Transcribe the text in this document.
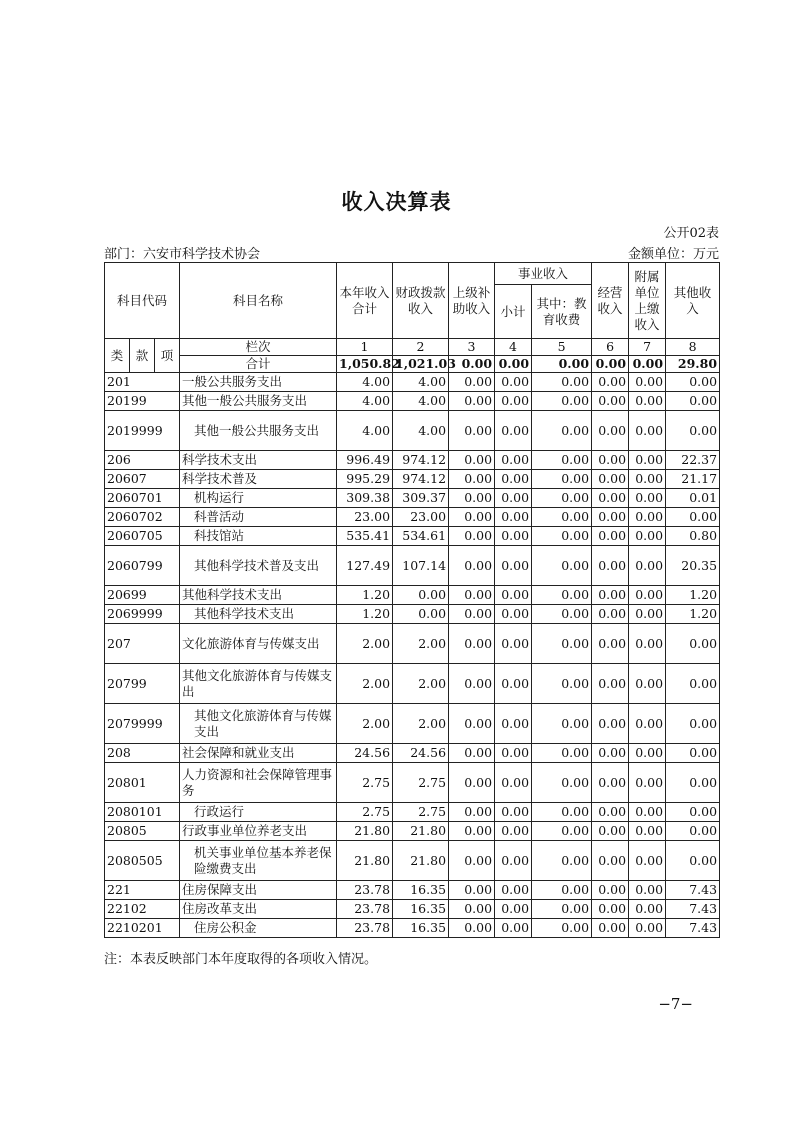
收入决算表
公开02表
部门：六安市科学技术协会	金额单位：万元
科目代码			科目名称	本年收入合计	财政拨款收入	上级补助收入	事业收入		经营收入	附属单位上缴收入	其他收入
							小计	其中：教育收费			

类	款	项	栏次	1	2	3	4	5	6	7	8
			合计	1,050.82	1,021.03	0.00	0.00	0.00	0.00	0.00	29.80
201			一般公共服务支出	4.00	4.00	0.00	0.00	0.00	0.00	0.00	0.00
20199			其他一般公共服务支出	4.00	4.00	0.00	0.00	0.00	0.00	0.00	0.00
2019999			其他一般公共服务支出	4.00	4.00	0.00	0.00	0.00	0.00	0.00	0.00
206			科学技术支出	996.49	974.12	0.00	0.00	0.00	0.00	0.00	22.37
20607			科学技术普及	995.29	974.12	0.00	0.00	0.00	0.00	0.00	21.17
2060701			机构运行	309.38	309.37	0.00	0.00	0.00	0.00	0.00	0.01
2060702			科普活动	23.00	23.00	0.00	0.00	0.00	0.00	0.00	0.00
2060705			科技馆站	535.41	534.61	0.00	0.00	0.00	0.00	0.00	0.80
2060799			其他科学技术普及支出	127.49	107.14	0.00	0.00	0.00	0.00	0.00	20.35
20699			其他科学技术支出	1.20	0.00	0.00	0.00	0.00	0.00	0.00	1.20
2069999			其他科学技术支出	1.20	0.00	0.00	0.00	0.00	0.00	0.00	1.20
207			文化旅游体育与传媒支出	2.00	2.00	0.00	0.00	0.00	0.00	0.00	0.00
20799			其他文化旅游体育与传媒支出	2.00	2.00	0.00	0.00	0.00	0.00	0.00	0.00
2079999			其他文化旅游体育与传媒支出	2.00	2.00	0.00	0.00	0.00	0.00	0.00	0.00
208			社会保障和就业支出	24.56	24.56	0.00	0.00	0.00	0.00	0.00	0.00
20801			人力资源和社会保障管理事务	2.75	2.75	0.00	0.00	0.00	0.00	0.00	0.00
2080101			行政运行	2.75	2.75	0.00	0.00	0.00	0.00	0.00	0.00
20805			行政事业单位养老支出	21.80	21.80	0.00	0.00	0.00	0.00	0.00	0.00
2080505			机关事业单位基本养老保险缴费支出	21.80	21.80	0.00	0.00	0.00	0.00	0.00	0.00
221			住房保障支出	23.78	16.35	0.00	0.00	0.00	0.00	0.00	7.43
22102			住房改革支出	23.78	16.35	0.00	0.00	0.00	0.00	0.00	7.43
2210201			住房公积金	23.78	16.35	0.00	0.00	0.00	0.00	0.00	7.43
注：本表反映部门本年度取得的各项收入情况。
−7−
